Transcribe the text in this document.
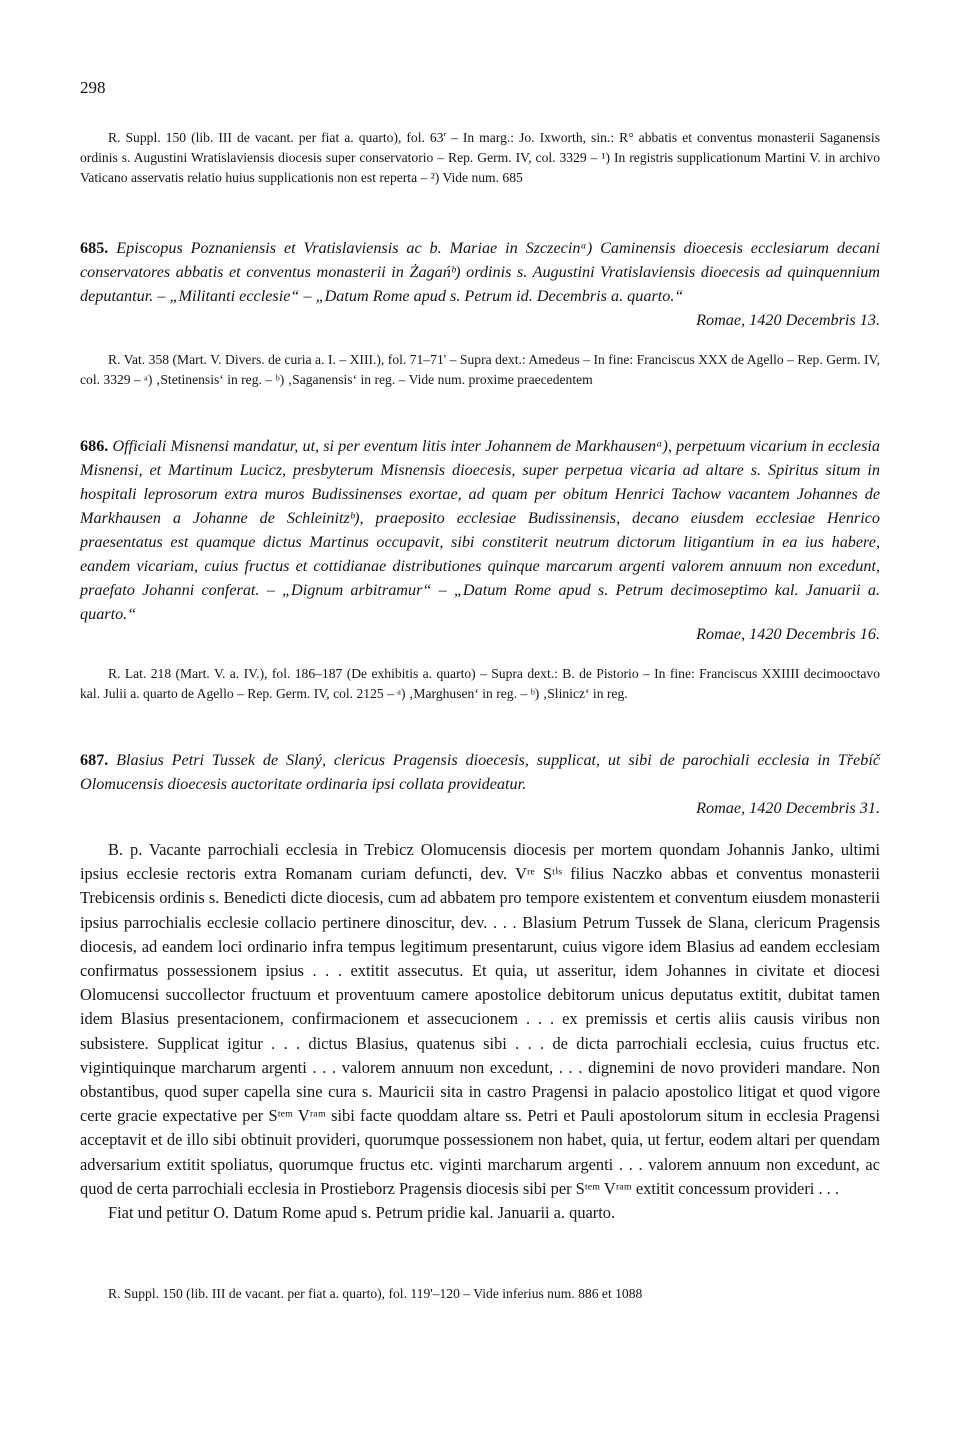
298
R. Suppl. 150 (lib. III de vacant. per fiat a. quarto), fol. 63' – In marg.: Jo. Ixworth, sin.: R° abbatis et conventus monasterii Saganensis ordinis s. Augustini Wratislaviensis diocesis super conservatorio – Rep. Germ. IV, col. 3329 – ¹) In registris supplicationum Martini V. in archivo Vaticano asservatis relatio huius supplicationis non est reperta – ²) Vide num. 685
685. Episcopus Poznaniensis et Vratislaviensis ac b. Mariae in Szczecinᵃ) Caminensis dioecesis ecclesiarum decani conservatores abbatis et conventus monasterii in Żagańᵇ) ordinis s. Augustini Vratislaviensis dioecesis ad quinquennium deputantur. – „Militanti ecclesie“ – „Datum Rome apud s. Petrum id. Decembris a. quarto.“
Romae, 1420 Decembris 13.
R. Vat. 358 (Mart. V. Divers. de curia a. I. – XIII.), fol. 71–71' – Supra dext.: Amedeus – In fine: Franciscus XXX de Agello – Rep. Germ. IV, col. 3329 – ᵃ) ‚Stetinensis‘ in reg. – ᵇ) ‚Saganensis‘ in reg. – Vide num. proxime praecedentem
686. Officiali Misnensi mandatur, ut, si per eventum litis inter Johannem de Markhausenᵃ), perpetuum vicarium in ecclesia Misnensi, et Martinum Lucicz, presbyterum Misnensis dioecesis, super perpetua vicaria ad altare s. Spiritus situm in hospitali leprosorum extra muros Budissinenses exortae, ad quam per obitum Henrici Tachow vacantem Johannes de Markhausen a Johanne de Schleinitzᵇ), praeposito ecclesiae Budissinensis, decano eiusdem ecclesiae Henrico praesentatus est quamque dictus Martinus occupavit, sibi constiterit neutrum dictorum litigantium in ea ius habere, eandem vicariam, cuius fructus et cottidianae distributiones quinque marcarum argenti valorem annuum non excedunt, praefato Johanni conferat. – „Dignum arbitramur“ – „Datum Rome apud s. Petrum decimoseptimo kal. Januarii a. quarto.“
Romae, 1420 Decembris 16.
R. Lat. 218 (Mart. V. a. IV.), fol. 186–187 (De exhibitis a. quarto) – Supra dext.: B. de Pistorio – In fine: Franciscus XXIIII decimooctavo kal. Julii a. quarto de Agello – Rep. Germ. IV, col. 2125 – ᵃ) ‚Marghusen‘ in reg. – ᵇ) ‚Slinicz‘ in reg.
687. Blasius Petri Tussek de Slaný, clericus Pragensis dioecesis, supplicat, ut sibi de parochiali ecclesia in Třebíč Olomucensis dioecesis auctoritate ordinaria ipsi collata provideatur.
Romae, 1420 Decembris 31.

B. p. Vacante parrochiali ecclesia in Trebicz Olomucensis diocesis per mortem quondam Johannis Janko, ultimi ipsius ecclesie rectoris extra Romanam curiam defuncti, dev. Vʳᵉ Sᵗⁱˢ filius Naczko abbas et conventus monasterii Trebicensis ordinis s. Benedicti dicte diocesis, cum ad abbatem pro tempore existentem et conventum eiusdem monasterii ipsius parrochialis ecclesie collacio pertinere dinoscitur, dev. . . . Blasium Petrum Tussek de Slana, clericum Pragensis diocesis, ad eandem loci ordinario infra tempus legitimum presentarunt, cuius vigore idem Blasius ad eandem ecclesiam confirmatus possessionem ipsius . . . extitit assecutus. Et quia, ut asseritur, idem Johannes in civitate et diocesi Olomucensi succollector fructuum et proventuum camere apostolice debitorum unicus deputatus extitit, dubitat tamen idem Blasius presentacionem, confirmacionem et assecucionem . . . ex premissis et certis aliis causis viribus non subsistere. Supplicat igitur . . . dictus Blasius, quatenus sibi . . . de dicta parrochiali ecclesia, cuius fructus etc. vigintiquinque marcharum argenti . . . valorem annuum non excedunt, . . . dignemini de novo provideri mandare. Non obstantibus, quod super capella sine cura s. Mauricii sita in castro Pragensi in palacio apostolico litigat et quod vigore certe gracie expectative per Sᵗᵉᵐ Vʳᵃᵐ sibi facte quoddam altare ss. Petri et Pauli apostolorum situm in ecclesia Pragensi acceptavit et de illo sibi obtinuit provideri, quorumque possessionem non habet, quia, ut fertur, eodem altari per quendam adversarium extitit spoliatus, quorumque fructus etc. viginti marcharum argenti . . . valorem annuum non excedunt, ac quod de certa parrochiali ecclesia in Prostieborz Pragensis diocesis sibi per Sᵗᵉᵐ Vʳᵃᵐ extitit concessum provideri . . .

Fiat und petitur O. Datum Rome apud s. Petrum pridie kal. Januarii a. quarto.

R. Suppl. 150 (lib. III de vacant. per fiat a. quarto), fol. 119'–120 – Vide inferius num. 886 et 1088
